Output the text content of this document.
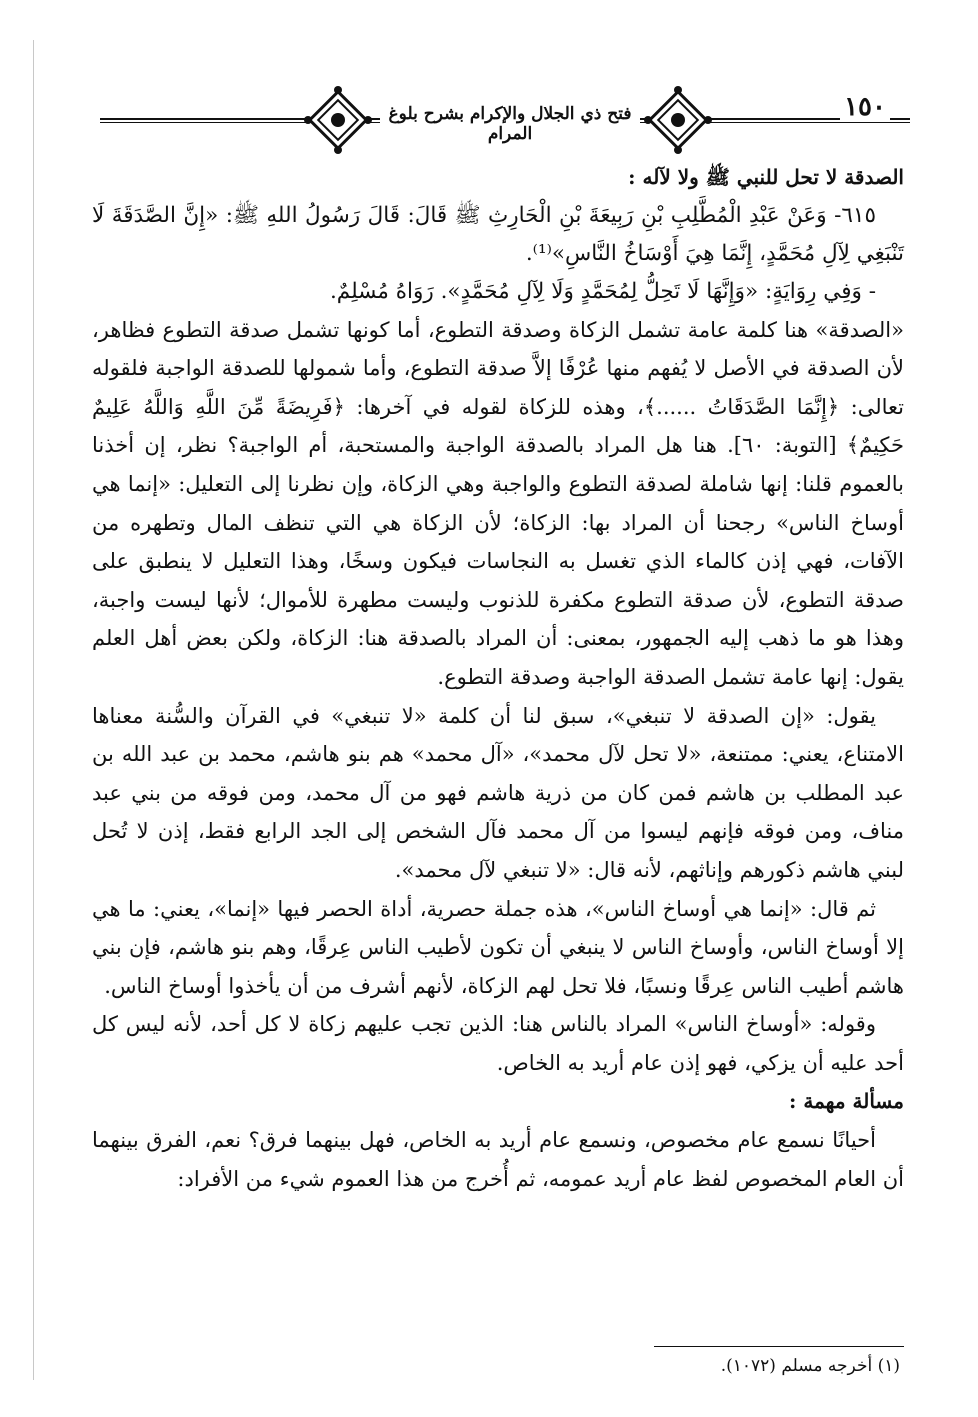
فتح ذي الجلال والإكرام بشرح بلوغ المرام
١٥٠

الصدقة لا تحل للنبي ﷺ ولا لآله :

٦١٥- وَعَنْ عَبْدِ الْمُطَّلِبِ بْنِ رَبِيعَةَ بْنِ الْحَارِثِ ﷺ قَالَ: قَالَ رَسُولُ اللهِ ﷺ: «إِنَّ الصَّدَقَةَ لَا تَنْبَغِي لِآلِ مُحَمَّدٍ، إِنَّمَا هِيَ أَوْسَاخُ النَّاسِ»⁽¹⁾.

- وَفِي رِوَايَةٍ: «وَإِنَّهَا لَا تَحِلُّ لِمُحَمَّدٍ وَلَا لِآلِ مُحَمَّدٍ». رَوَاهُ مُسْلِمٌ.

«الصدقة» هنا كلمة عامة تشمل الزكاة وصدقة التطوع، أما كونها تشمل صدقة التطوع فظاهر، لأن الصدقة في الأصل لا يُفهم منها عُرْفًا إلاَّ صدقة التطوع، وأما شمولها للصدقة الواجبة فلقوله تعالى: ﴿إِنَّمَا الصَّدَقَاتُ ......﴾، وهذه للزكاة لقوله في آخرها: ﴿فَرِيضَةً مِّنَ اللَّهِ وَاللَّهُ عَلِيمٌ حَكِيمٌ﴾ [التوبة: ٦٠]. هنا هل المراد بالصدقة الواجبة والمستحبة، أم الواجبة؟ نظر، إن أخذنا بالعموم قلنا: إنها شاملة لصدقة التطوع والواجبة وهي الزكاة، وإن نظرنا إلى التعليل: «إنما هي أوساخ الناس» رجحنا أن المراد بها: الزكاة؛ لأن الزكاة هي التي تنظف المال وتطهره من الآفات، فهي إذن كالماء الذي تغسل به النجاسات فيكون وسخًا، وهذا التعليل لا ينطبق على صدقة التطوع، لأن صدقة التطوع مكفرة للذنوب وليست مطهرة للأموال؛ لأنها ليست واجبة، وهذا هو ما ذهب إليه الجمهور، بمعنى: أن المراد بالصدقة هنا: الزكاة، ولكن بعض أهل العلم يقول: إنها عامة تشمل الصدقة الواجبة وصدقة التطوع.

يقول: «إن الصدقة لا تنبغي»، سبق لنا أن كلمة «لا تنبغي» في القرآن والسُّنة معناها الامتناع، يعني: ممتنعة، «لا تحل لآل محمد»، «آل محمد» هم بنو هاشم، محمد بن عبد الله بن عبد المطلب بن هاشم فمن كان من ذرية هاشم فهو من آل محمد، ومن فوقه من بني عبد مناف، ومن فوقه فإنهم ليسوا من آل محمد فآل الشخص إلى الجد الرابع فقط، إذن لا تُحل لبني هاشم ذكورهم وإناثهم، لأنه قال: «لا تنبغي لآل محمد».

ثم قال: «إنما هي أوساخ الناس»، هذه جملة حصرية، أداة الحصر فيها «إنما»، يعني: ما هي إلا أوساخ الناس، وأوساخ الناس لا ينبغي أن تكون لأطيب الناس عِرقًا، وهم بنو هاشم، فإن بني هاشم أطيب الناس عِرقًا ونسبًا، فلا تحل لهم الزكاة، لأنهم أشرف من أن يأخذوا أوساخ الناس.

وقوله: «أوساخ الناس» المراد بالناس هنا: الذين تجب عليهم زكاة لا كل أحد، لأنه ليس كل أحد عليه أن يزكي، فهو إذن عام أريد به الخاص.

مسألة مهمة :

أحيانًا نسمع عام مخصوص، ونسمع عام أريد به الخاص، فهل بينهما فرق؟ نعم، الفرق بينهما أن العام المخصوص لفظ عام أريد عمومه، ثم أُخرج من هذا العموم شيء من الأفراد:

(١) أخرجه مسلم (١٠٧٢).
